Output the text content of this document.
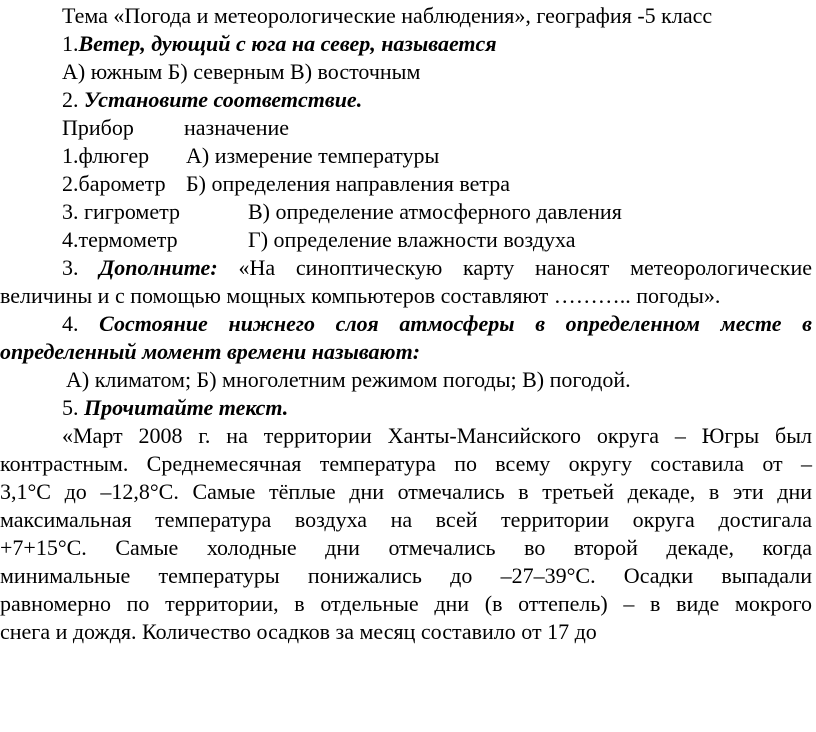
Тема «Погода и метеорологические наблюдения», география -5 класс
1.Ветер, дующий с юга на север, называется
А) южным Б) северным В) восточным
2. Установите соответствие.
Прибор назначение
1.флюгер А) измерение температуры
2.барометр Б) определения направления ветра
3. гигрометр	В) определение атмосферного давления
4.термометр	Г) определение влажности воздуха
3. Дополните: «На синоптическую карту наносят метеорологические
величины и с помощью мощных компьютеров составляют ……….. погоды».
4. Состояние нижнего слоя атмосферы в определенном месте в
определенный момент времени называют:
А) климатом; Б) многолетним режимом погоды; В) погодой.
5. Прочитайте текст.
«Март 2008 г. на территории Ханты-Мансийского округа – Югры был
контрастным. Среднемесячная температура по всему округу составила от –
3,1°С до –12,8°С. Самые тёплые дни отмечались в третьей декаде, в эти дни
максимальная температура воздуха на всей территории округа достигала
+7+15°С. Самые холодные дни отмечались во второй декаде, когда
минимальные температуры понижались до –27–39°С. Осадки выпадали
равномерно по территории, в отдельные дни (в оттепель) – в виде мокрого
снега и дождя. Количество осадков за месяц составило от 17 до
